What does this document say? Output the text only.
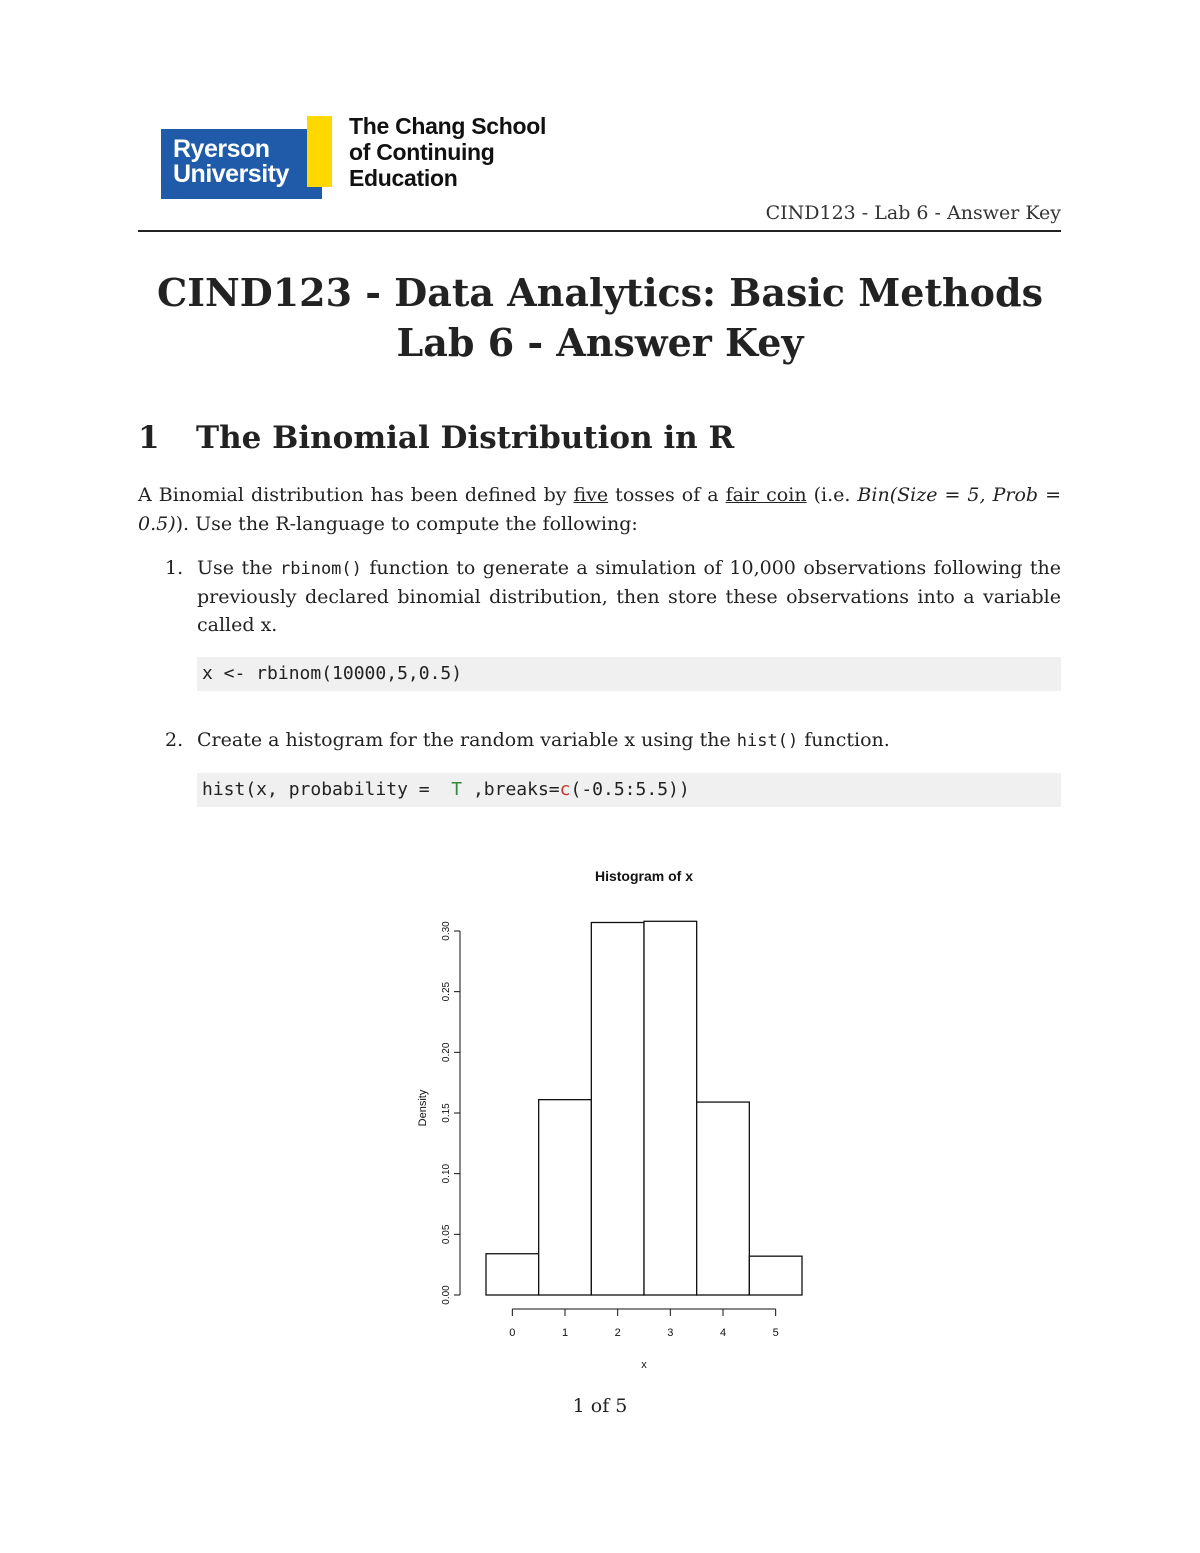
Ryerson
University
The Chang School
of Continuing
Education
CIND123 - Lab 6 - Answer Key
CIND123 - Data Analytics: Basic Methods
Lab 6 - Answer Key
1 The Binomial Distribution in R
A Binomial distribution has been defined by five tosses of a fair coin (i.e. Bin(Size = 5, Prob = 0.5)). Use the R-language to compute the following:
1. Use the rbinom() function to generate a simulation of 10,000 observations following the previously declared binomial distribution, then store these observations into a variable called x.
x <- rbinom(10000,5,0.5)
2. Create a histogram for the random variable x using the hist() function.
hist(x, probability =  T ,breaks=c(-0.5:5.5))
Histogram of x
Density
x
0.00
0.05
0.10
0.15
0.20
0.25
0.30
0	1	2	3	4	5
1 of 5
